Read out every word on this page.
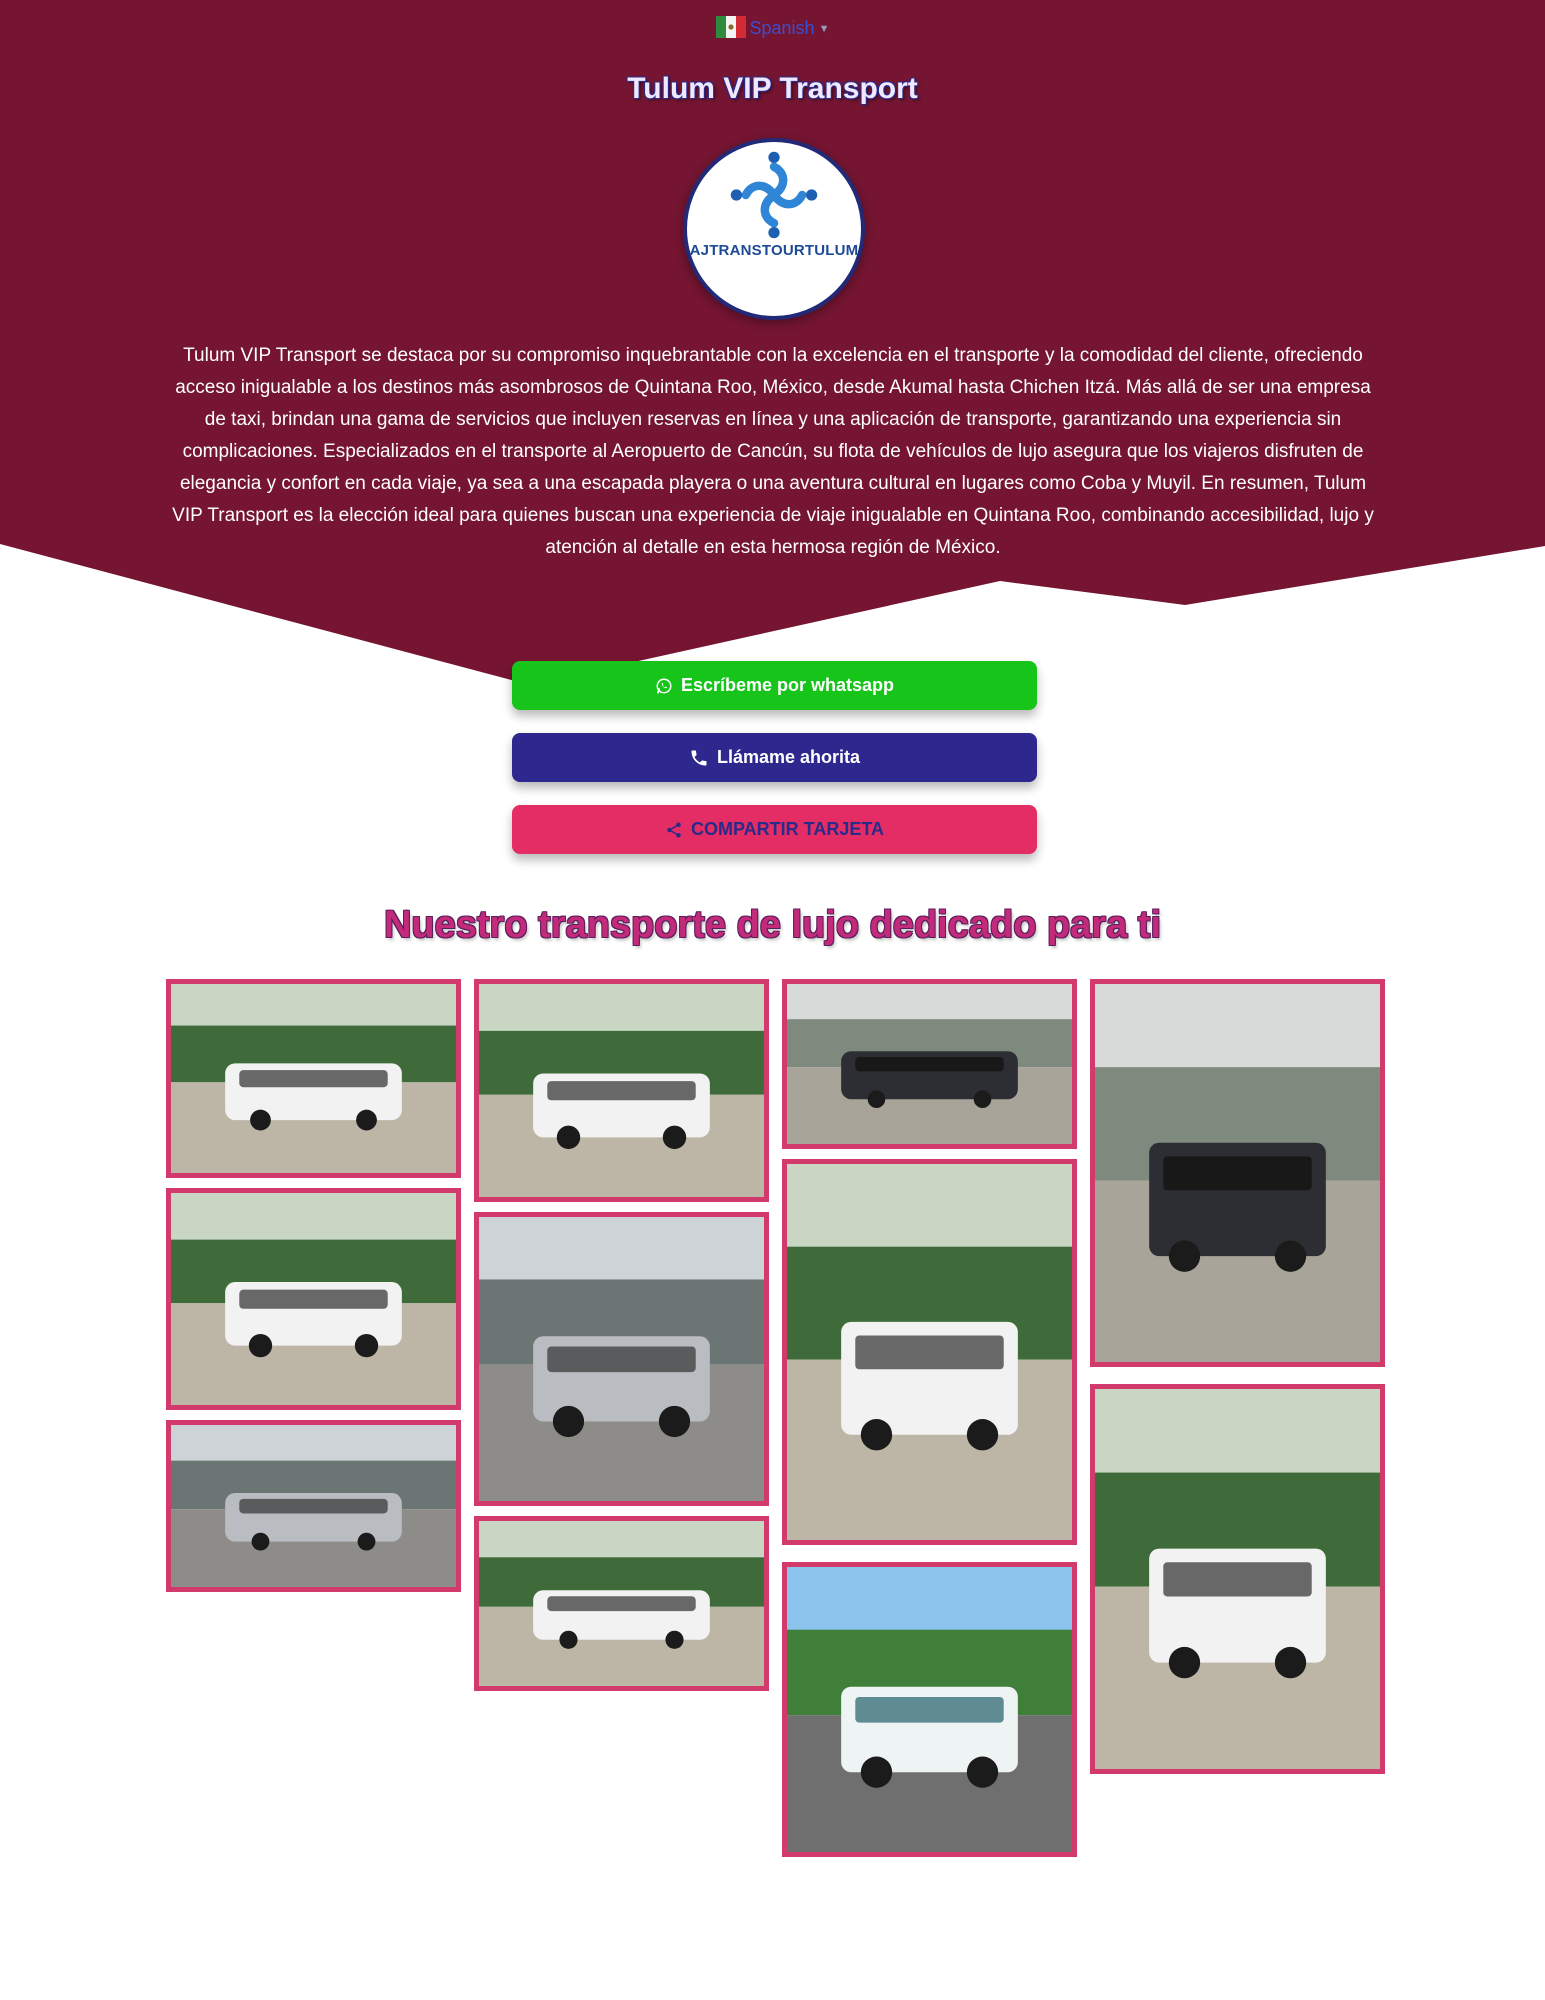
Spanish ▼
Tulum VIP Transport
AJTRANSTOURTULUM

Tulum VIP Transport se destaca por su compromiso inquebrantable con la excelencia en el transporte y la comodidad del cliente, ofreciendo acceso inigualable a los destinos más asombrosos de Quintana Roo, México, desde Akumal hasta Chichen Itzá. Más allá de ser una empresa de taxi, brindan una gama de servicios que incluyen reservas en línea y una aplicación de transporte, garantizando una experiencia sin complicaciones. Especializados en el transporte al Aeropuerto de Cancún, su flota de vehículos de lujo asegura que los viajeros disfruten de elegancia y confort en cada viaje, ya sea a una escapada playera o una aventura cultural en lugares como Coba y Muyil. En resumen, Tulum VIP Transport es la elección ideal para quienes buscan una experiencia de viaje inigualable en Quintana Roo, combinando accesibilidad, lujo y atención al detalle en esta hermosa región de México.

Escríbeme por whatsapp
Llámame ahorita
COMPARTIR TARJETA
Nuestro transporte de lujo dedicado para ti
